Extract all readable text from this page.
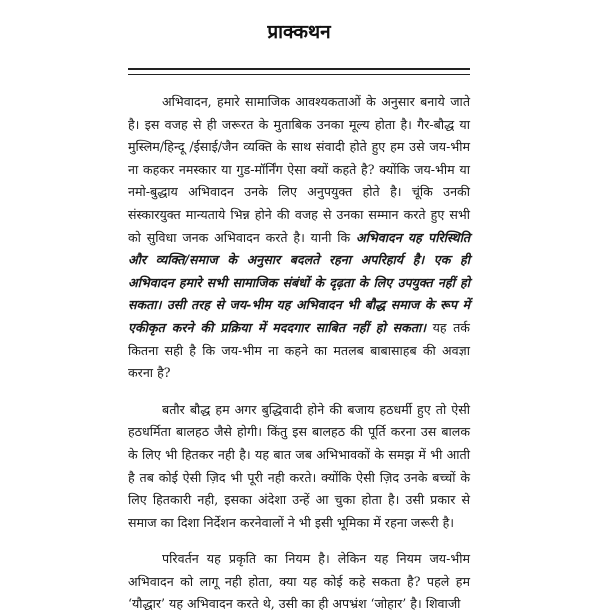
प्राक्कथन

अभिवादन, हमारे सामाजिक आवश्यकताओं के अनुसार बनाये जाते है। इस वजह से ही जरूरत के मुताबिक उनका मूल्य होता है। गैर-बौद्ध या मुस्लिम/हिन्दू /ईसाई/जैन व्यक्ति के साथ संवादी होते हुए हम उसे जय-भीम ना कहकर नमस्कार या गुड-मॉर्निंग ऐसा क्यों कहते है? क्योंकि जय-भीम या नमो-बुद्धाय अभिवादन उनके लिए अनुपयुक्त होते है। चूंकि उनकी संस्कारयुक्त मान्यताये भिन्न होने की वजह से उनका सम्मान करते हुए सभी को सुविधा जनक अभिवादन करते है। यानी कि अभिवादन यह परिस्थिति और व्यक्ति/समाज के अनुसार बदलते रहना अपरिहार्य है। एक ही अभिवादन हमारे सभी सामाजिक संबंधों के दृढ़ता के लिए उपयुक्त नहीं हो सकता। उसी तरह से जय-भीम यह अभिवादन भी बौद्ध समाज के रूप में एकीकृत करने की प्रक्रिया में मददगार साबित नहीं हो सकता। यह तर्क कितना सही है कि जय-भीम ना कहने का मतलब बाबासाहब की अवज्ञा करना है?

बतौर बौद्ध हम अगर बुद्धिवादी होने की बजाय हठधर्मी हुए तो ऐसी हठधर्मिता बालहठ जैसे होगी। किंतु इस बालहठ की पूर्ति करना उस बालक के लिए भी हितकर नही है। यह बात जब अभिभावकों के समझ में भी आती है तब कोई ऐसी ज़िद भी पूरी नही करते। क्योंकि ऐसी ज़िद उनके बच्चों के लिए हितकारी नही, इसका अंदेशा उन्हें आ चुका होता है। उसी प्रकार से समाज का दिशा निर्देशन करनेवालों ने भी इसी भूमिका में रहना जरूरी है।

परिवर्तन यह प्रकृति का नियम है। लेकिन यह नियम जय-भीम अभिवादन को लागू नही होता, क्या यह कोई कहे सकता है? पहले हम ‘यौद्धार’ यह अभिवादन करते थे, उसी का ही अपभ्रंश ‘जोहार’ है। शिवाजी
